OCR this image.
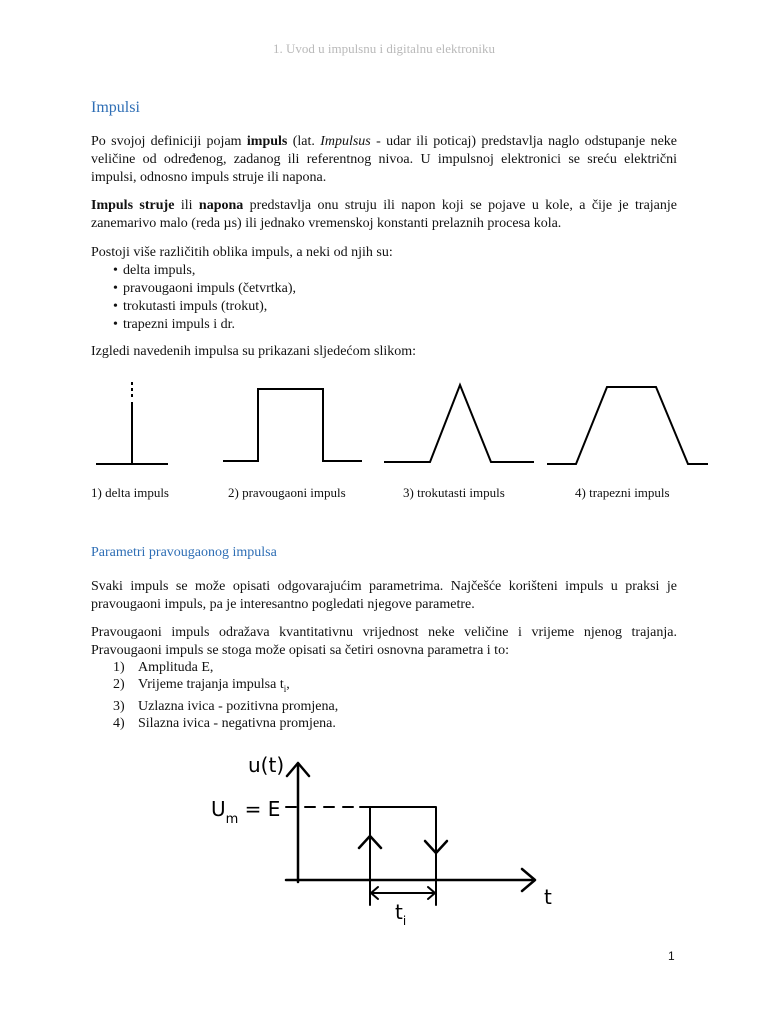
1. Uvod u impulsnu i digitalnu elektroniku
Impulsi
Po svojoj definiciji pojam impuls (lat. Impulsus - udar ili poticaj) predstavlja naglo odstupanje neke veličine od određenog, zadanog ili referentnog nivoa. U impulsnoj elektronici se sreću električni impulsi, odnosno impuls struje ili napona.
Impuls struje ili napona predstavlja onu struju ili napon koji se pojave u kole, a čije je trajanje zanemarivo malo (reda µs) ili jednako vremenskoj konstanti prelaznih procesa kola.
Postoji više različitih oblika impuls, a neki od njih su:
• delta impuls,
• pravougaoni impuls (četvrtka),
• trokutasti impuls (trokut),
• trapezni impuls i dr.
Izgledi navedenih impulsa su prikazani sljedećom slikom:
1) delta impuls	2) pravougaoni impuls	3) trokutasti impuls	4) trapezni impuls
Parametri pravougaonog impulsa
Svaki impuls se može opisati odgovarajućim parametrima. Najčešće korišteni impuls u praksi je pravougaoni impuls, pa je interesantno pogledati njegove parametre.
Pravougaoni impuls odražava kvantitativnu vrijednost neke veličine i vrijeme njenog trajanja. Pravougaoni impuls se stoga može opisati sa četiri osnovna parametra i to:
1) Amplituda E,
2) Vrijeme trajanja impulsa $t_i$,
3) Uzlazna ivica - pozitivna promjena,
4) Silazna ivica - negativna promjena.
u(t)
$U_m = E$
t
$t_i$
1
